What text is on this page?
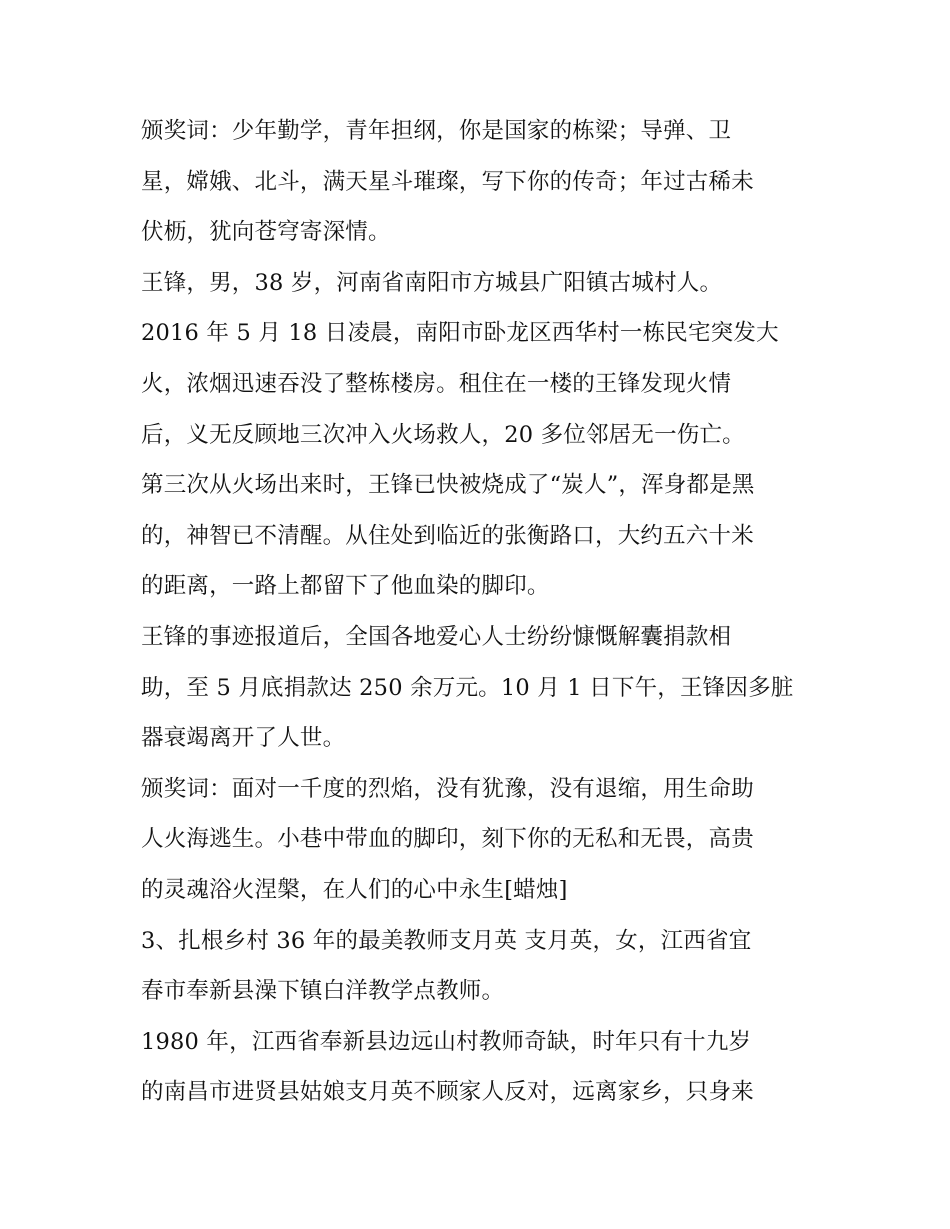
颁奖词：少年勤学，青年担纲，你是国家的栋梁；导弹、卫
星，嫦娥、北斗，满天星斗璀璨，写下你的传奇；年过古稀未
伏枥，犹向苍穹寄深情。
王锋，男，38 岁，河南省南阳市方城县广阳镇古城村人。
2016 年 5 月 18 日凌晨，南阳市卧龙区西华村一栋民宅突发大
火，浓烟迅速吞没了整栋楼房。租住在一楼的王锋发现火情
后，义无反顾地三次冲入火场救人，20 多位邻居无一伤亡。
第三次从火场出来时，王锋已快被烧成了“炭人”，浑身都是黑
的，神智已不清醒。从住处到临近的张衡路口，大约五六十米
的距离，一路上都留下了他血染的脚印。
王锋的事迹报道后，全国各地爱心人士纷纷慷慨解囊捐款相
助，至 5 月底捐款达 250 余万元。10 月 1 日下午，王锋因多脏
器衰竭离开了人世。
颁奖词：面对一千度的烈焰，没有犹豫，没有退缩，用生命助
人火海逃生。小巷中带血的脚印，刻下你的无私和无畏，高贵
的灵魂浴火涅槃，在人们的心中永生[蜡烛]
3、扎根乡村 36 年的最美教师支月英 支月英，女，江西省宜
春市奉新县澡下镇白洋教学点教师。
1980 年，江西省奉新县边远山村教师奇缺，时年只有十九岁
的南昌市进贤县姑娘支月英不顾家人反对，远离家乡，只身来
